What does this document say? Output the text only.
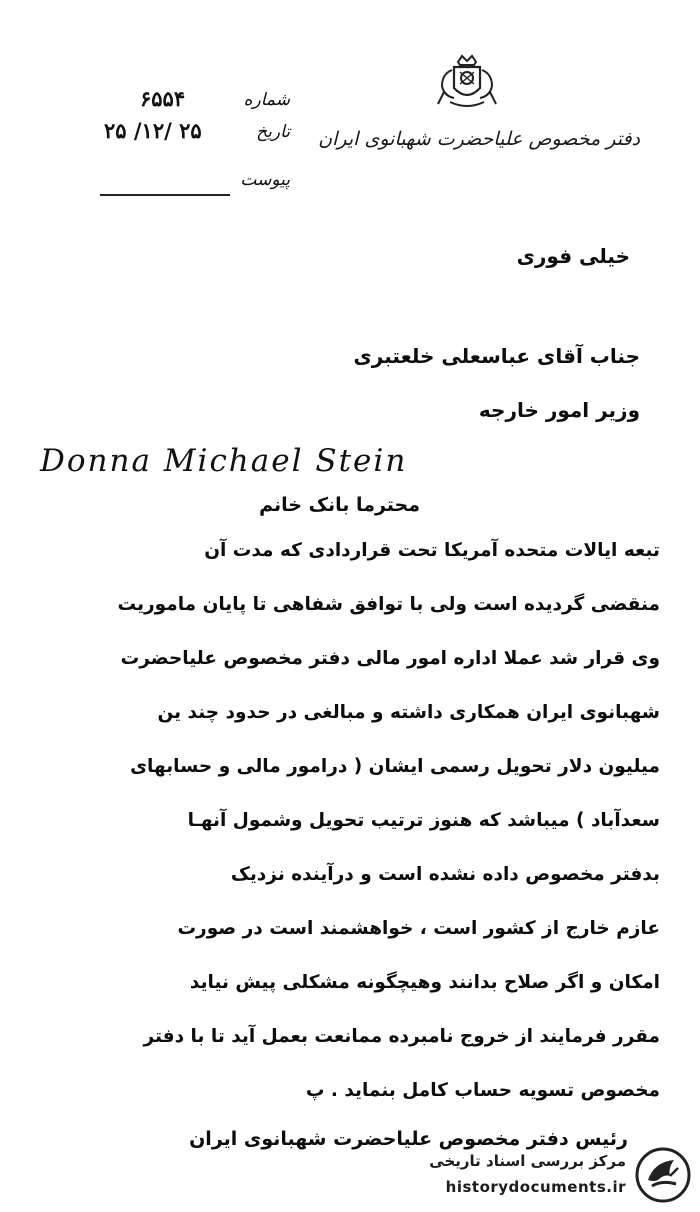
دفتر مخصوص علیاحضرت شهبانوی ایران
شماره
۶۵۵۴
تاریخ
۲۵ /۱۲/ ۲۵
پیوست
خیلی فوری
جناب آقای عباسعلی خلعتبری
وزیر امور خارجه
Donna Michael Stein
محترما بانک خانم
تبعه ایالات متحده آمریکا تحت قراردادی که مدت آن
منقضی گردیده است ولی با توافق شفاهی تا پایان ماموریت
وی قرار شد عملا اداره امور مالی دفتر مخصوص علیاحضرت
شهبانوی ایران همکاری داشته و مبالغی در حدود چند ین
میلیون دلار تحویل رسمی ایشان ( درامور مالی و حسابهای
سعدآباد ) میباشد که هنوز ترتیب تحویل وشمول آنهـا
بدفتر مخصوص داده نشده است و درآینده نزدیک
عازم خارج از کشور است ، خواهشمند است در صورت
امکان و اگر صلاح بدانند وهیچگونه مشکلی پیش نیاید
مقرر فرمایند از خروج نامبرده ممانعت بعمل آید تا با دفتر
مخصوص تسویه حساب کامل بنماید . پ
رئیس دفتر مخصوص علیاحضرت شهبانوی ایران
مرکز بررسی اسناد تاریخی
historydocuments.ir
